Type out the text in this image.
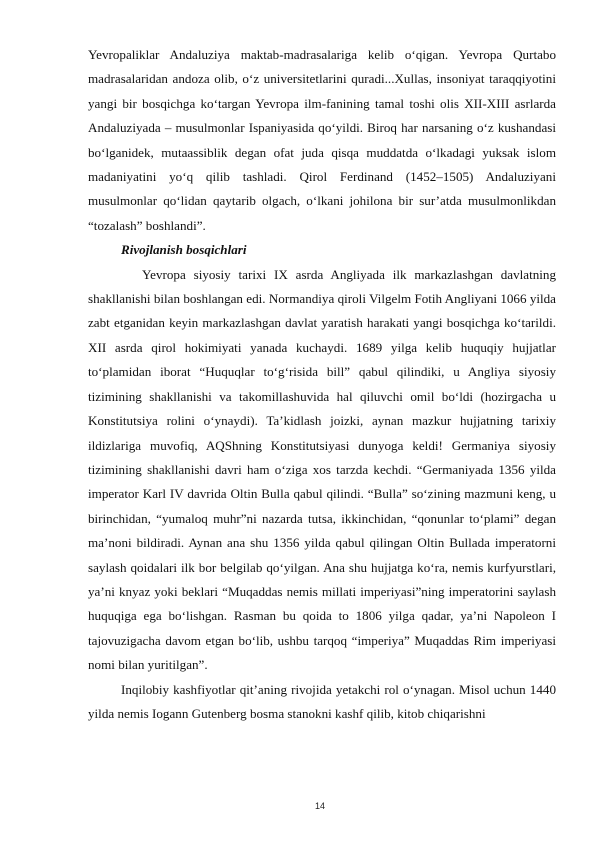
Yevropaliklar Andaluziya maktab-madrasalariga kelib o‘qigan. Yevropa Qurtabo madrasalaridan andoza olib, o‘z universitetlarini quradi...Xullas, insoniyat taraqqiyotini yangi bir bosqichga ko‘targan Yevropa ilm-fanining tamal toshi olis XII-XIII asrlarda Andaluziyada – musulmonlar Ispaniyasida qo‘yildi. Biroq har narsaning o‘z kushandasi bo‘lganidek, mutaassiblik degan ofat juda qisqa muddatda o‘lkadagi yuksak islom madaniyatini yo‘q qilib tashladi. Qirol Ferdinand (1452–1505) Andaluziyani musulmonlar qo‘lidan qaytarib olgach, o‘lkani johilona bir sur’atda musulmonlikdan “tozalash” boshlandi”.

Rivojlanish bosqichlari

Yevropa siyosiy tarixi IX asrda Angliyada ilk markazlashgan davlatning shakllanishi bilan boshlangan edi. Normandiya qiroli Vilgelm Fotih Angliyani 1066 yilda zabt etganidan keyin markazlashgan davlat yaratish harakati yangi bosqichga ko‘tarildi. XII asrda qirol hokimiyati yanada kuchaydi. 1689 yilga kelib huquqiy hujjatlar to‘plamidan iborat “Huquqlar to‘g‘risida bill” qabul qilindiki, u Angliya siyosiy tizimining shakllanishi va takomillashuvida hal qiluvchi omil bo‘ldi (hozirgacha u Konstitutsiya rolini o‘ynaydi). Ta’kidlash joizki, aynan mazkur hujjatning tarixiy ildizlariga muvofiq, AQShning Konstitutsiyasi dunyoga keldi! Germaniya siyosiy tizimining shakllanishi davri ham o‘ziga xos tarzda kechdi. “Germaniyada 1356 yilda imperator Karl IV davrida Oltin Bulla qabul qilindi. “Bulla” so‘zining mazmuni keng, u birinchidan, “yumaloq muhr”ni nazarda tutsa, ikkinchidan, “qonunlar to‘plami” degan ma’noni bildiradi. Aynan ana shu 1356 yilda qabul qilingan Oltin Bullada imperatorni saylash qoidalari ilk bor belgilab qo‘yilgan. Ana shu hujjatga ko‘ra, nemis kurfyurstlari, ya’ni knyaz yoki beklari “Muqaddas nemis millati imperiyasi”ning imperatorini saylash huquqiga ega bo‘lishgan. Rasman bu qoida to 1806 yilga qadar, ya’ni Napoleon I tajovuzigacha davom etgan bo‘lib, ushbu tarqoq “imperiya” Muqaddas Rim imperiyasi nomi bilan yuritilgan”.

Inqilobiy kashfiyotlar qit’aning rivojida yetakchi rol o‘ynagan. Misol uchun 1440 yilda nemis Iogann Gutenberg bosma stanokni kashf qilib, kitob chiqarishni

14
